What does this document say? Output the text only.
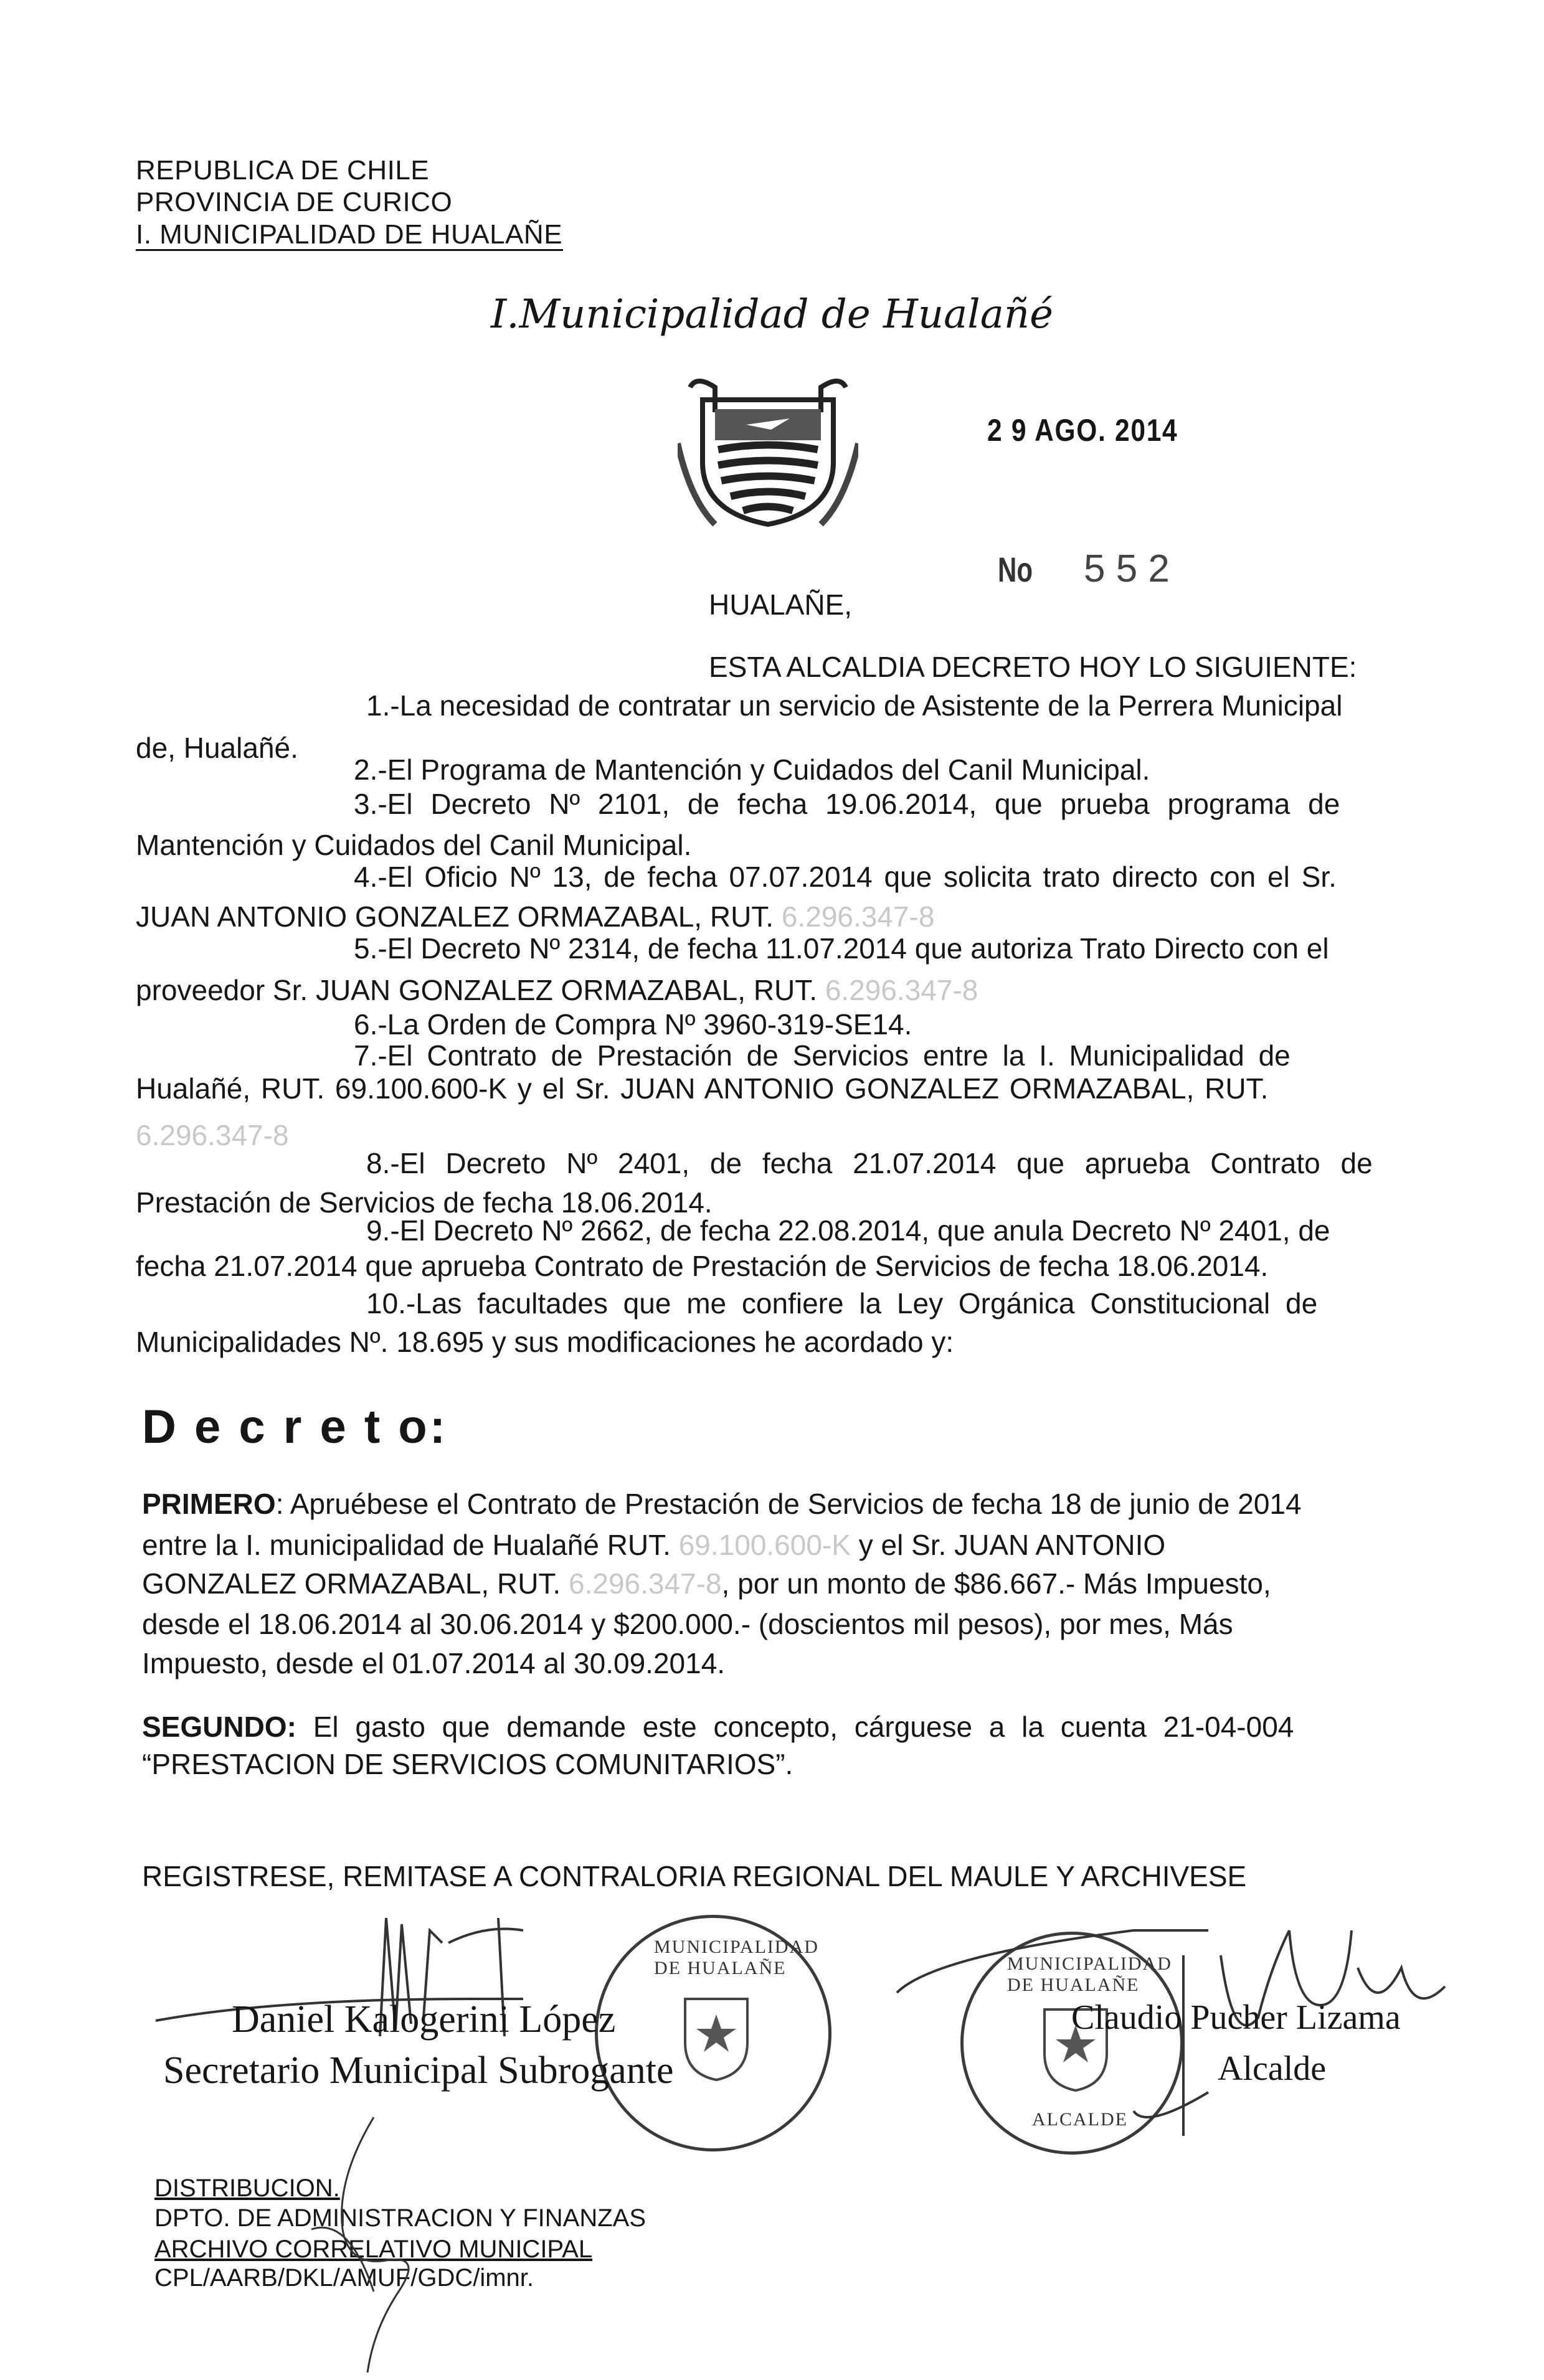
REPUBLICA DE CHILE
PROVINCIA DE CURICO
I. MUNICIPALIDAD DE HUALAÑE
I.Municipalidad de Hualañé
2 9 AGO. 2014
HUALAÑE,
No 5 5 2
ESTA ALCALDIA DECRETO HOY LO SIGUIENTE:
1.-La necesidad de contratar un servicio de Asistente de la Perrera Municipal
de, Hualañé.
2.-El Programa de Mantención y Cuidados del Canil Municipal.
3.-El Decreto Nº 2101, de fecha 19.06.2014, que prueba programa de
Mantención y Cuidados del Canil Municipal.
4.-El Oficio Nº 13, de fecha 07.07.2014 que solicita trato directo con el Sr.
JUAN ANTONIO GONZALEZ ORMAZABAL, RUT. 6.296.347-8
5.-El Decreto Nº 2314, de fecha 11.07.2014 que autoriza Trato Directo con el
proveedor Sr. JUAN GONZALEZ ORMAZABAL, RUT. 6.296.347-8
6.-La Orden de Compra Nº 3960-319-SE14.
7.-El Contrato de Prestación de Servicios entre la I. Municipalidad de
Hualañé, RUT. 69.100.600-K y el Sr. JUAN ANTONIO GONZALEZ ORMAZABAL, RUT.
6.296.347-8
8.-El Decreto Nº 2401, de fecha 21.07.2014 que aprueba Contrato de
Prestación de Servicios de fecha 18.06.2014.
9.-El Decreto Nº 2662, de fecha 22.08.2014, que anula Decreto Nº 2401, de
fecha 21.07.2014 que aprueba Contrato de Prestación de Servicios de fecha 18.06.2014.
10.-Las facultades que me confiere la Ley Orgánica Constitucional de
Municipalidades Nº. 18.695 y sus modificaciones he acordado y:
D e c r e t o:
PRIMERO: Apruébese el Contrato de Prestación de Servicios de fecha 18 de junio de 2014
entre la I. municipalidad de Hualañé RUT. 69.100.600-K y el Sr. JUAN ANTONIO
GONZALEZ ORMAZABAL, RUT. 6.296.347-8, por un monto de $86.667.- Más Impuesto,
desde el 18.06.2014 al 30.06.2014 y $200.000.- (doscientos mil pesos), por mes, Más
Impuesto, desde el 01.07.2014 al 30.09.2014.
SEGUNDO: El gasto que demande este concepto, cárguese a la cuenta 21-04-004
“PRESTACION DE SERVICIOS COMUNITARIOS”.
REGISTRESE, REMITASE A CONTRALORIA REGIONAL DEL MAULE Y ARCHIVESE
MUNICIPALIDAD DE HUALAÑE	MUNICIPALIDAD DE HUALAÑE
ALCALDE
Daniel Kalogerini López
Secretario Municipal Subrogante
Claudio Pucher Lizama
Alcalde
DISTRIBUCION.
DPTO. DE ADMINISTRACION Y FINANZAS
ARCHIVO CORRELATIVO MUNICIPAL
CPL/AARB/DKL/AMUF/GDC/imnr.
